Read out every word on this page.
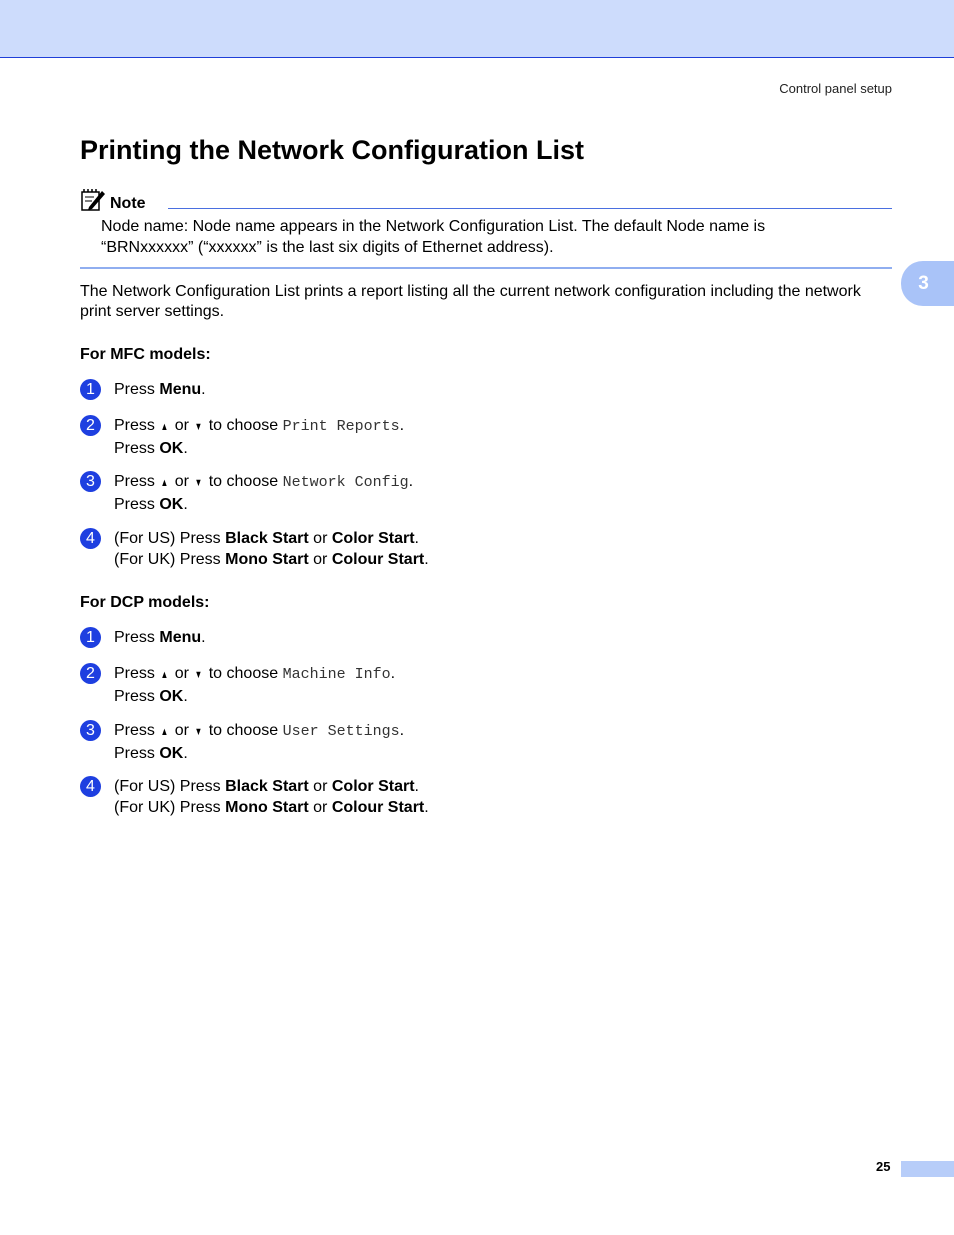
Control panel setup
3
Printing the Network Configuration List
Note
Node name: Node name appears in the Network Configuration List. The default Node name is “BRNxxxxxx” (“xxxxxx” is the last six digits of Ethernet address).
The Network Configuration List prints a report listing all the current network configuration including the network print server settings.
For MFC models:
1	Press Menu.
2	Press ▲ or ▼ to choose Print Reports.
Press OK.
3	Press ▲ or ▼ to choose Network Config.
Press OK.
4	(For US) Press Black Start or Color Start.
(For UK) Press Mono Start or Colour Start.
For DCP models:
1	Press Menu.
2	Press ▲ or ▼ to choose Machine Info.
Press OK.
3	Press ▲ or ▼ to choose User Settings.
Press OK.
4	(For US) Press Black Start or Color Start.
(For UK) Press Mono Start or Colour Start.
25
